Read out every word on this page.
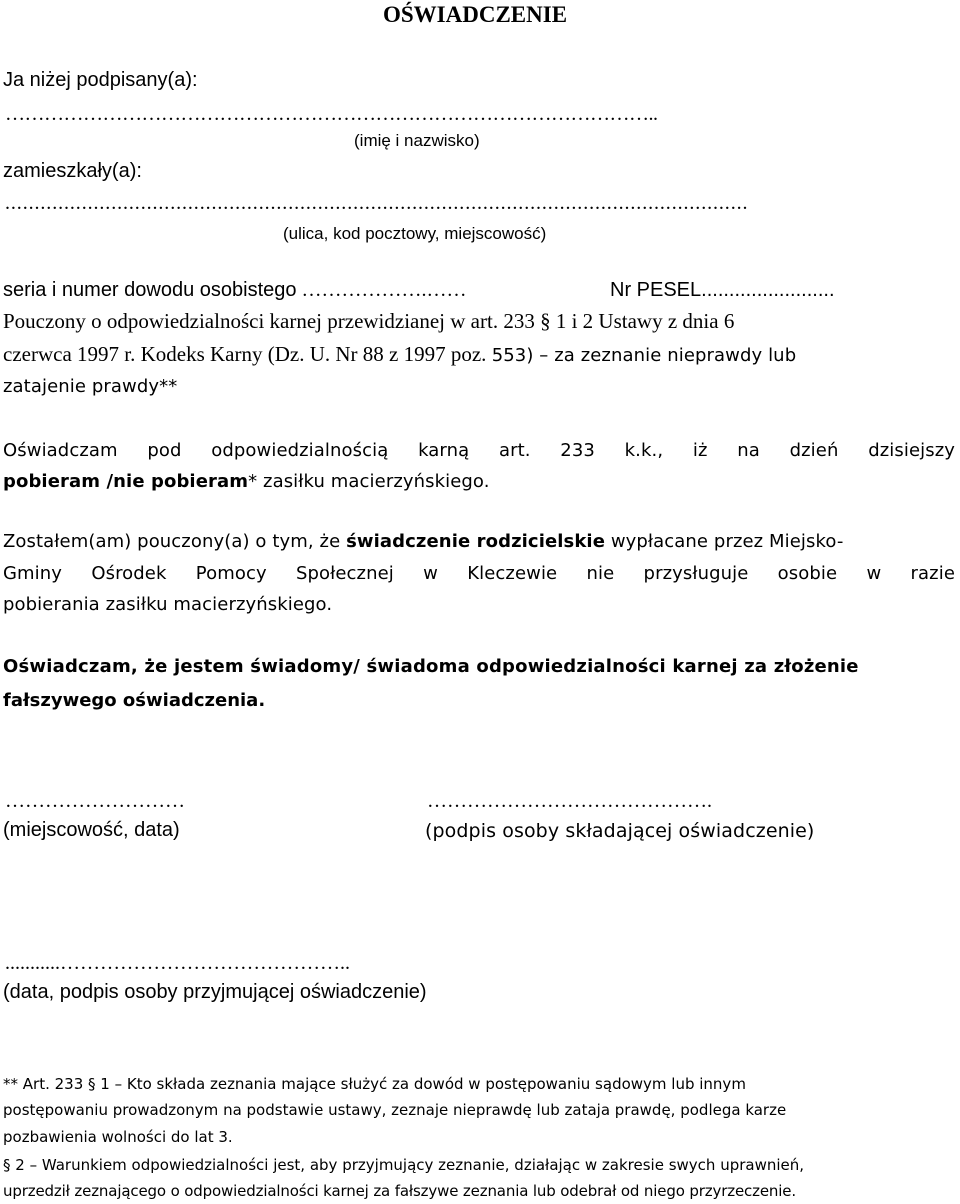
OŚWIADCZENIE
Ja niżej podpisany(a):
………………………………………………………………………………………..
(imię i nazwisko)
zamieszkały(a):
..............................................................................................................................
(ulica, kod pocztowy, miejscowość)
seria i numer dowodu osobistego ……………….……	Nr PESEL........................
Pouczony o odpowiedzialności karnej przewidzianej w art. 233 § 1 i 2 Ustawy z dnia 6
czerwca 1997 r. Kodeks Karny (Dz. U. Nr 88 z 1997 poz. 553) – za zeznanie nieprawdy lub
zatajenie prawdy**
Oświadczam pod odpowiedzialnością karną art. 233 k.k., iż na dzień dzisiejszy
pobieram /nie pobieram* zasiłku macierzyńskiego.
Zostałem(am) pouczony(a) o tym, że świadczenie rodzicielskie wypłacane przez Miejsko-
Gminy Ośrodek Pomocy Społecznej w Kleczewie nie przysługuje osobie w razie
pobierania zasiłku macierzyńskiego.
Oświadczam, że jestem świadomy/ świadoma odpowiedzialności karnej za złożenie
fałszywego oświadczenia.
………………………
(miejscowość, data)
…………………………………….
(podpis osoby składającej oświadczenie)
...........……………………………………..
(data, podpis osoby przyjmującej oświadczenie)
** Art. 233 § 1 – Kto składa zeznania mające służyć za dowód w postępowaniu sądowym lub innym
postępowaniu prowadzonym na podstawie ustawy, zeznaje nieprawdę lub zataja prawdę, podlega karze
pozbawienia wolności do lat 3.
§ 2 – Warunkiem odpowiedzialności jest, aby przyjmujący zeznanie, działając w zakresie swych uprawnień,
uprzedził zeznającego o odpowiedzialności karnej za fałszywe zeznania lub odebrał od niego przyrzeczenie.
